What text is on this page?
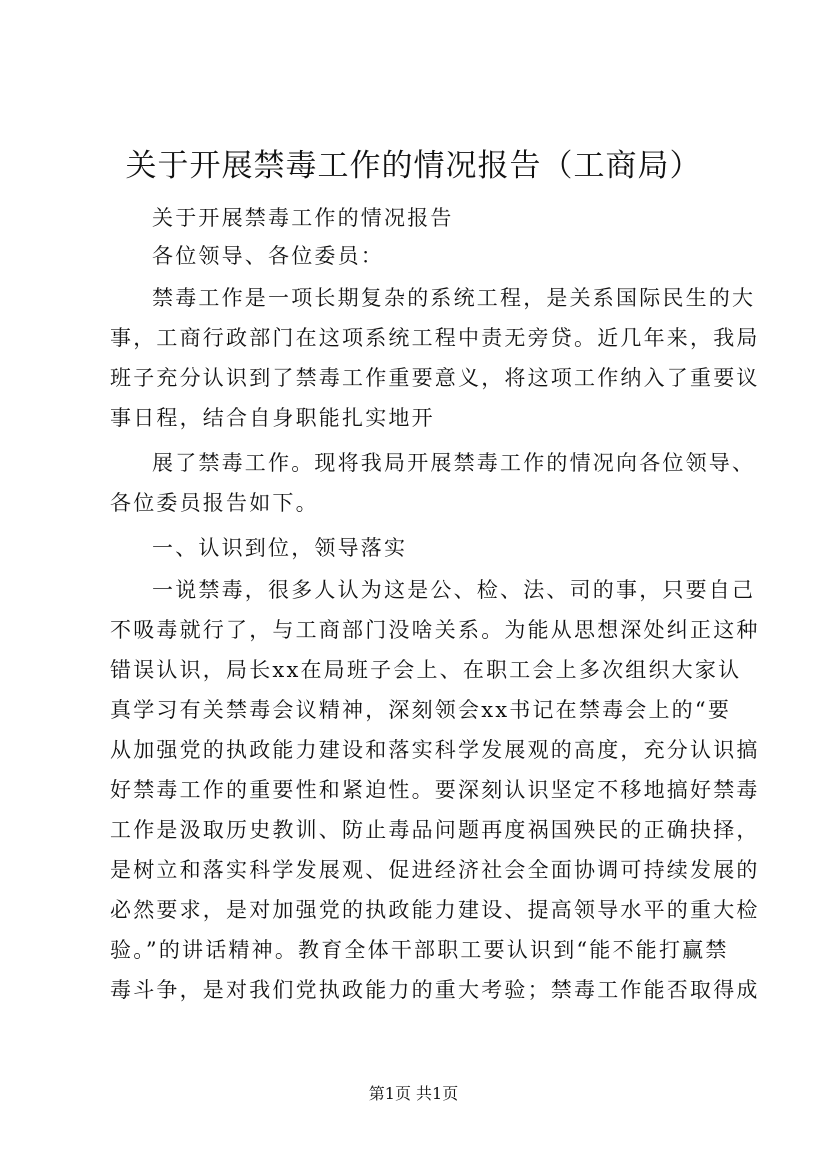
关于开展禁毒工作的情况报告（工商局）

关于开展禁毒工作的情况报告

各位领导、各位委员：

禁毒工作是一项长期复杂的系统工程，是关系国际民生的大

事，工商行政部门在这项系统工程中责无旁贷。近几年来，我局

班子充分认识到了禁毒工作重要意义，将这项工作纳入了重要议

事日程，结合自身职能扎实地开

展了禁毒工作。现将我局开展禁毒工作的情况向各位领导、

各位委员报告如下。

一、认识到位，领导落实

一说禁毒，很多人认为这是公、检、法、司的事，只要自己

不吸毒就行了，与工商部门没啥关系。为能从思想深处纠正这种

错误认识，局长xx在局班子会上、在职工会上多次组织大家认

真学习有关禁毒会议精神，深刻领会xx书记在禁毒会上的“要

从加强党的执政能力建设和落实科学发展观的高度，充分认识搞

好禁毒工作的重要性和紧迫性。要深刻认识坚定不移地搞好禁毒

工作是汲取历史教训、防止毒品问题再度祸国殃民的正确抉择，

是树立和落实科学发展观、促进经济社会全面协调可持续发展的

必然要求，是对加强党的执政能力建设、提高领导水平的重大检

验。”的讲话精神。教育全体干部职工要认识到“能不能打赢禁

毒斗争，是对我们党执政能力的重大考验；禁毒工作能否取得成

第1页 共1页
